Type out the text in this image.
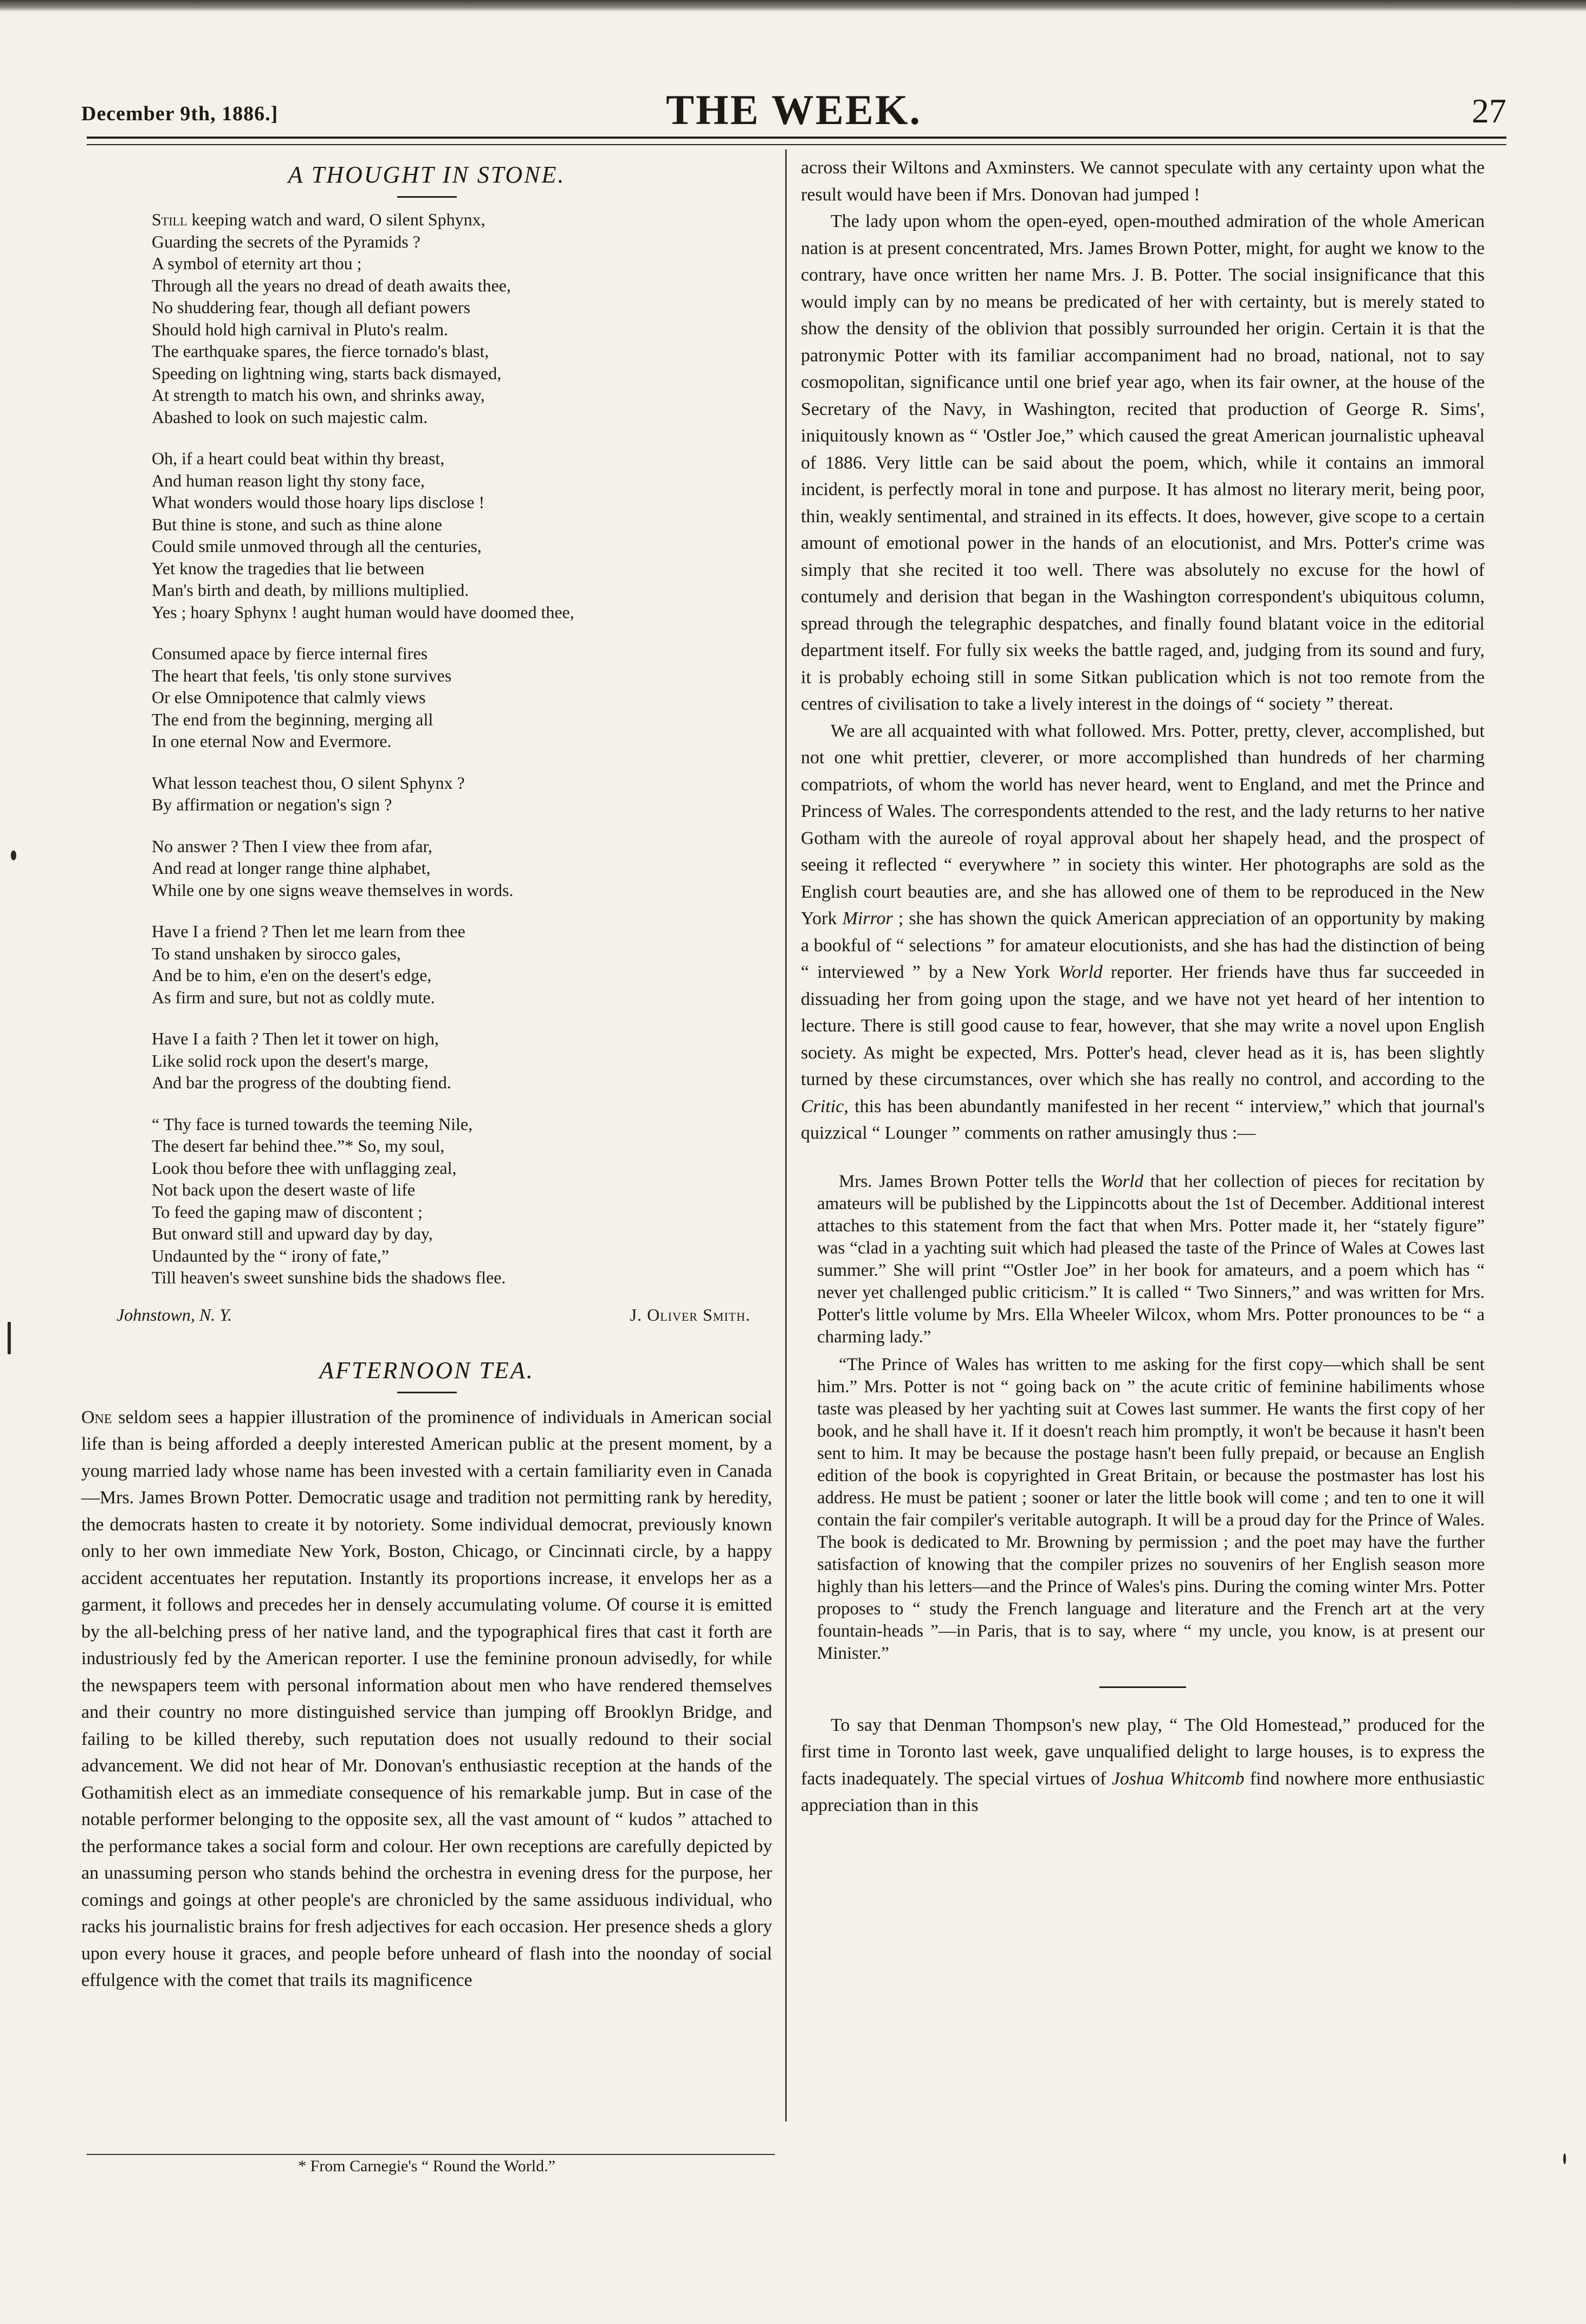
December 9th, 1886.]	THE WEEK.	27
A THOUGHT IN STONE.
Still keeping watch and ward, O silent Sphynx,
Guarding the secrets of the Pyramids ?
A symbol of eternity art thou ;
Through all the years no dread of death awaits thee,
No shuddering fear, though all defiant powers
Should hold high carnival in Pluto's realm.
The earthquake spares, the fierce tornado's blast,
Speeding on lightning wing, starts back dismayed,
At strength to match his own, and shrinks away,
Abashed to look on such majestic calm.
Oh, if a heart could beat within thy breast,
And human reason light thy stony face,
What wonders would those hoary lips disclose !
But thine is stone, and such as thine alone
Could smile unmoved through all the centuries,
Yet know the tragedies that lie between
Man's birth and death, by millions multiplied.
Yes ; hoary Sphynx ! aught human would have doomed thee,
Consumed apace by fierce internal fires
The heart that feels, 'tis only stone survives
Or else Omnipotence that calmly views
The end from the beginning, merging all
In one eternal Now and Evermore.
What lesson teachest thou, O silent Sphynx ?
By affirmation or negation's sign ?
No answer ? Then I view thee from afar,
And read at longer range thine alphabet,
While one by one signs weave themselves in words.
Have I a friend ? Then let me learn from thee
To stand unshaken by sirocco gales,
And be to him, e'en on the desert's edge,
As firm and sure, but not as coldly mute.
Have I a faith ? Then let it tower on high,
Like solid rock upon the desert's marge,
And bar the progress of the doubting fiend.
“ Thy face is turned towards the teeming Nile,
The desert far behind thee.”* So, my soul,
Look thou before thee with unflagging zeal,
Not back upon the desert waste of life
To feed the gaping maw of discontent ;
But onward still and upward day by day,
Undaunted by the “ irony of fate,”
Till heaven's sweet sunshine bids the shadows flee.
Johnstown, N. Y.	J. Oliver Smith.
AFTERNOON TEA.

One seldom sees a happier illustration of the prominence of individuals in American social life than is being afforded a deeply interested American public at the present moment, by a young married lady whose name has been invested with a certain familiarity even in Canada—Mrs. James Brown Potter. Democratic usage and tradition not permitting rank by heredity, the democrats hasten to create it by notoriety. Some individual democrat, previously known only to her own immediate New York, Boston, Chicago, or Cincinnati circle, by a happy accident accentuates her reputation. Instantly its proportions increase, it envelops her as a garment, it follows and precedes her in densely accumulating volume. Of course it is emitted by the all-belching press of her native land, and the typographical fires that cast it forth are industriously fed by the American reporter. I use the feminine pronoun advisedly, for while the newspapers teem with personal information about men who have rendered themselves and their country no more distinguished service than jumping off Brooklyn Bridge, and failing to be killed thereby, such reputation does not usually redound to their social advancement. We did not hear of Mr. Donovan's enthusiastic reception at the hands of the Gothamitish elect as an immediate consequence of his remarkable jump. But in case of the notable performer belonging to the opposite sex, all the vast amount of “ kudos ” attached to the performance takes a social form and colour. Her own receptions are carefully depicted by an unassuming person who stands behind the orchestra in evening dress for the purpose, her comings and goings at other people's are chronicled by the same assiduous individual, who racks his journalistic brains for fresh adjectives for each occasion. Her presence sheds a glory upon every house it graces, and people before unheard of flash into the noonday of social effulgence with the comet that trails its magnificence

* From Carnegie's “ Round the World.”

across their Wiltons and Axminsters. We cannot speculate with any certainty upon what the result would have been if Mrs. Donovan had jumped !

The lady upon whom the open-eyed, open-mouthed admiration of the whole American nation is at present concentrated, Mrs. James Brown Potter, might, for aught we know to the contrary, have once written her name Mrs. J. B. Potter. The social insignificance that this would imply can by no means be predicated of her with certainty, but is merely stated to show the density of the oblivion that possibly surrounded her origin. Certain it is that the patronymic Potter with its familiar accompaniment had no broad, national, not to say cosmopolitan, significance until one brief year ago, when its fair owner, at the house of the Secretary of the Navy, in Washington, recited that production of George R. Sims', iniquitously known as “ 'Ostler Joe,” which caused the great American journalistic upheaval of 1886. Very little can be said about the poem, which, while it contains an immoral incident, is perfectly moral in tone and purpose. It has almost no literary merit, being poor, thin, weakly sentimental, and strained in its effects. It does, however, give scope to a certain amount of emotional power in the hands of an elocutionist, and Mrs. Potter's crime was simply that she recited it too well. There was absolutely no excuse for the howl of contumely and derision that began in the Washington correspondent's ubiquitous column, spread through the telegraphic despatches, and finally found blatant voice in the editorial department itself. For fully six weeks the battle raged, and, judging from its sound and fury, it is probably echoing still in some Sitkan publication which is not too remote from the centres of civilisation to take a lively interest in the doings of “ society ” thereat.

We are all acquainted with what followed. Mrs. Potter, pretty, clever, accomplished, but not one whit prettier, cleverer, or more accomplished than hundreds of her charming compatriots, of whom the world has never heard, went to England, and met the Prince and Princess of Wales. The correspondents attended to the rest, and the lady returns to her native Gotham with the aureole of royal approval about her shapely head, and the prospect of seeing it reflected “ everywhere ” in society this winter. Her photographs are sold as the English court beauties are, and she has allowed one of them to be reproduced in the New York Mirror ; she has shown the quick American appreciation of an opportunity by making a bookful of “ selections ” for amateur elocutionists, and she has had the distinction of being “ interviewed ” by a New York World reporter. Her friends have thus far succeeded in dissuading her from going upon the stage, and we have not yet heard of her intention to lecture. There is still good cause to fear, however, that she may write a novel upon English society. As might be expected, Mrs. Potter's head, clever head as it is, has been slightly turned by these circumstances, over which she has really no control, and according to the Critic, this has been abundantly manifested in her recent “ interview,” which that journal's quizzical “ Lounger ” comments on rather amusingly thus :—

Mrs. James Brown Potter tells the World that her collection of pieces for recitation by amateurs will be published by the Lippincotts about the 1st of December. Additional interest attaches to this statement from the fact that when Mrs. Potter made it, her “stately figure” was “clad in a yachting suit which had pleased the taste of the Prince of Wales at Cowes last summer.” She will print “'Ostler Joe” in her book for amateurs, and a poem which has “ never yet challenged public criticism.” It is called “ Two Sinners,” and was written for Mrs. Potter's little volume by Mrs. Ella Wheeler Wilcox, whom Mrs. Potter pronounces to be “ a charming lady.”

“The Prince of Wales has written to me asking for the first copy—which shall be sent him.” Mrs. Potter is not “ going back on ” the acute critic of feminine habiliments whose taste was pleased by her yachting suit at Cowes last summer. He wants the first copy of her book, and he shall have it. If it doesn't reach him promptly, it won't be because it hasn't been sent to him. It may be because the postage hasn't been fully prepaid, or because an English edition of the book is copyrighted in Great Britain, or because the postmaster has lost his address. He must be patient ; sooner or later the little book will come ; and ten to one it will contain the fair compiler's veritable autograph. It will be a proud day for the Prince of Wales. The book is dedicated to Mr. Browning by permission ; and the poet may have the further satisfaction of knowing that the compiler prizes no souvenirs of her English season more highly than his letters—and the Prince of Wales's pins. During the coming winter Mrs. Potter proposes to “ study the French language and literature and the French art at the very fountain-heads ”—in Paris, that is to say, where “ my uncle, you know, is at present our Minister.”

To say that Denman Thompson's new play, “ The Old Homestead,” produced for the first time in Toronto last week, gave unqualified delight to large houses, is to express the facts inadequately. The special virtues of Joshua Whitcomb find nowhere more enthusiastic appreciation than in this
